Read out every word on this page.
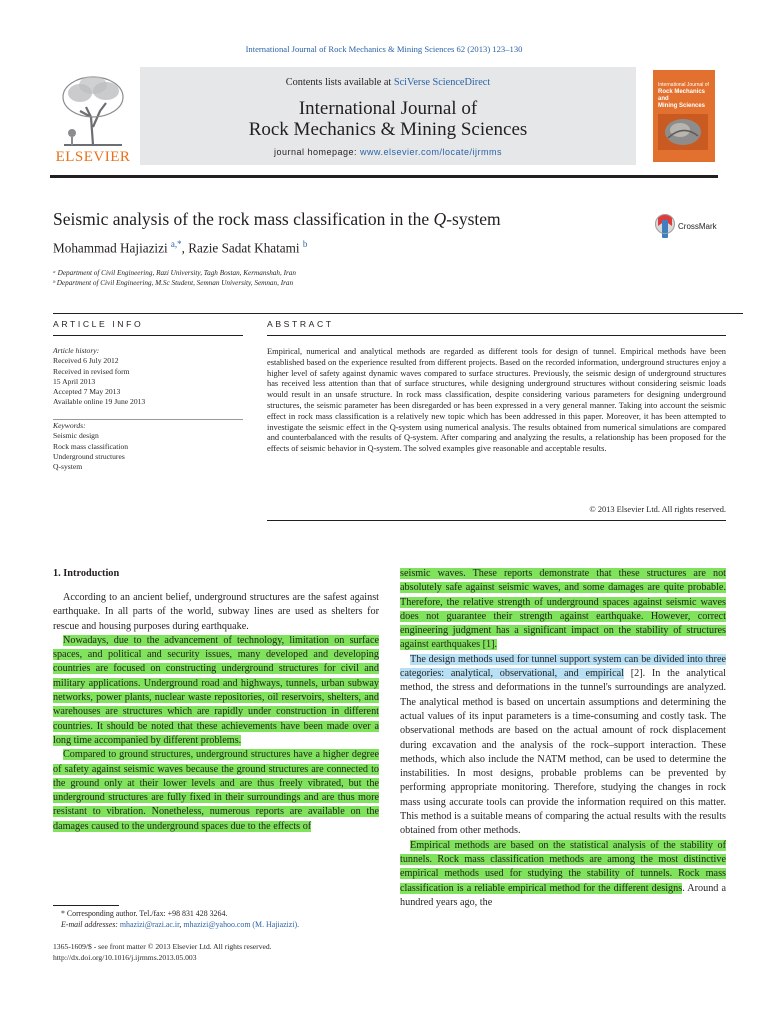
International Journal of Rock Mechanics & Mining Sciences 62 (2013) 123–130
ELSEVIER
Contents lists available at SciVerse ScienceDirect
International Journal of
Rock Mechanics & Mining Sciences
journal homepage: www.elsevier.com/locate/ijrmms
International Journal of
Rock Mechanics
and
Mining Sciences
Seismic analysis of the rock mass classification in the Q-system	CrossMark
Mohammad Hajiazizi $^{a,*}$, Razie Sadat Khatami $^b$
ᵃ Department of Civil Engineering, Razi University, Tagh Bostan, Kermanshah, Iran
ᵇ Department of Civil Engineering, M.Sc Student, Semnan University, Semnan, Iran
ARTICLE INFO	ABSTRACT
Article history:
Received 6 July 2012
Received in revised form
15 April 2013
Accepted 7 May 2013
Available online 19 June 2013
Keywords:
Seismic design
Rock mass classification
Underground structures
Q-system
Empirical, numerical and analytical methods are regarded as different tools for design of tunnel. Empirical methods have been established based on the experience resulted from different projects. Based on the recorded information, underground structures enjoy a higher level of safety against dynamic waves compared to surface structures. Previously, the seismic design of underground structures has received less attention than that of surface structures, while designing underground structures without considering seismic loads would result in an unsafe structure. In rock mass classification, despite considering various parameters for designing underground structures, the seismic parameter has been disregarded or has been expressed in a very general manner. Taking into account the seismic effect in rock mass classification is a relatively new topic which has been addressed in this paper. Moreover, it has been attempted to investigate the seismic effect in the Q-system using numerical analysis. The results obtained from numerical simulations are compared and counterbalanced with the results of Q-system. After comparing and analyzing the results, a relationship has been proposed for the effects of seismic behavior in Q-system. The solved examples give reasonable and acceptable results.
© 2013 Elsevier Ltd. All rights reserved.
1. Introduction

According to an ancient belief, underground structures are the safest against earthquake. In all parts of the world, subway lines are used as shelters for rescue and housing purposes during earthquake.

Nowadays, due to the advancement of technology, limitation on surface spaces, and political and security issues, many developed and developing countries are focused on constructing underground structures for civil and military applications. Underground road and highways, tunnels, urban subway networks, power plants, nuclear waste repositories, oil reservoirs, shelters, and warehouses are structures which are rapidly under construction in different countries. It should be noted that these achievements have been made over a long time accompanied by different problems.

Compared to ground structures, underground structures have a higher degree of safety against seismic waves because the ground structures are connected to the ground only at their lower levels and are thus freely vibrated, but the underground structures are fully fixed in their surroundings and are thus more resistant to vibration. Nonetheless, numerous reports are available on the damages caused to the underground spaces due to the effects of

seismic waves. These reports demonstrate that these structures are not absolutely safe against seismic waves, and some damages are quite probable. Therefore, the relative strength of underground spaces against seismic waves does not guarantee their strength against earthquake. However, correct engineering judgment has a significant impact on the stability of structures against earthquakes [1].

The design methods used for tunnel support system can be divided into three categories: analytical, observational, and empirical [2]. In the analytical method, the stress and deformations in the tunnel's surroundings are analyzed. The analytical method is based on uncertain assumptions and determining the actual values of its input parameters is a time-consuming and costly task. The observational methods are based on the actual amount of rock displacement during excavation and the analysis of the rock–support interaction. These methods, which also include the NATM method, can be used to determine the instabilities. In most designs, probable problems can be prevented by performing appropriate monitoring. Therefore, studying the changes in rock mass using accurate tools can provide the information required on this matter. This method is a suitable means of comparing the actual results with the results obtained from other methods.

Empirical methods are based on the statistical analysis of the stability of tunnels. Rock mass classification methods are among the most distinctive empirical methods used for studying the stability of tunnels. Rock mass classification is a reliable empirical method for the different designs. Around a hundred years ago, the

* Corresponding author. Tel./fax: +98 831 428 3264.
E-mail addresses: mhazizi@razi.ac.ir, mhazizi@yahoo.com (M. Hajiazizi).
1365-1609/$ - see front matter © 2013 Elsevier Ltd. All rights reserved.
http://dx.doi.org/10.1016/j.ijrmms.2013.05.003
